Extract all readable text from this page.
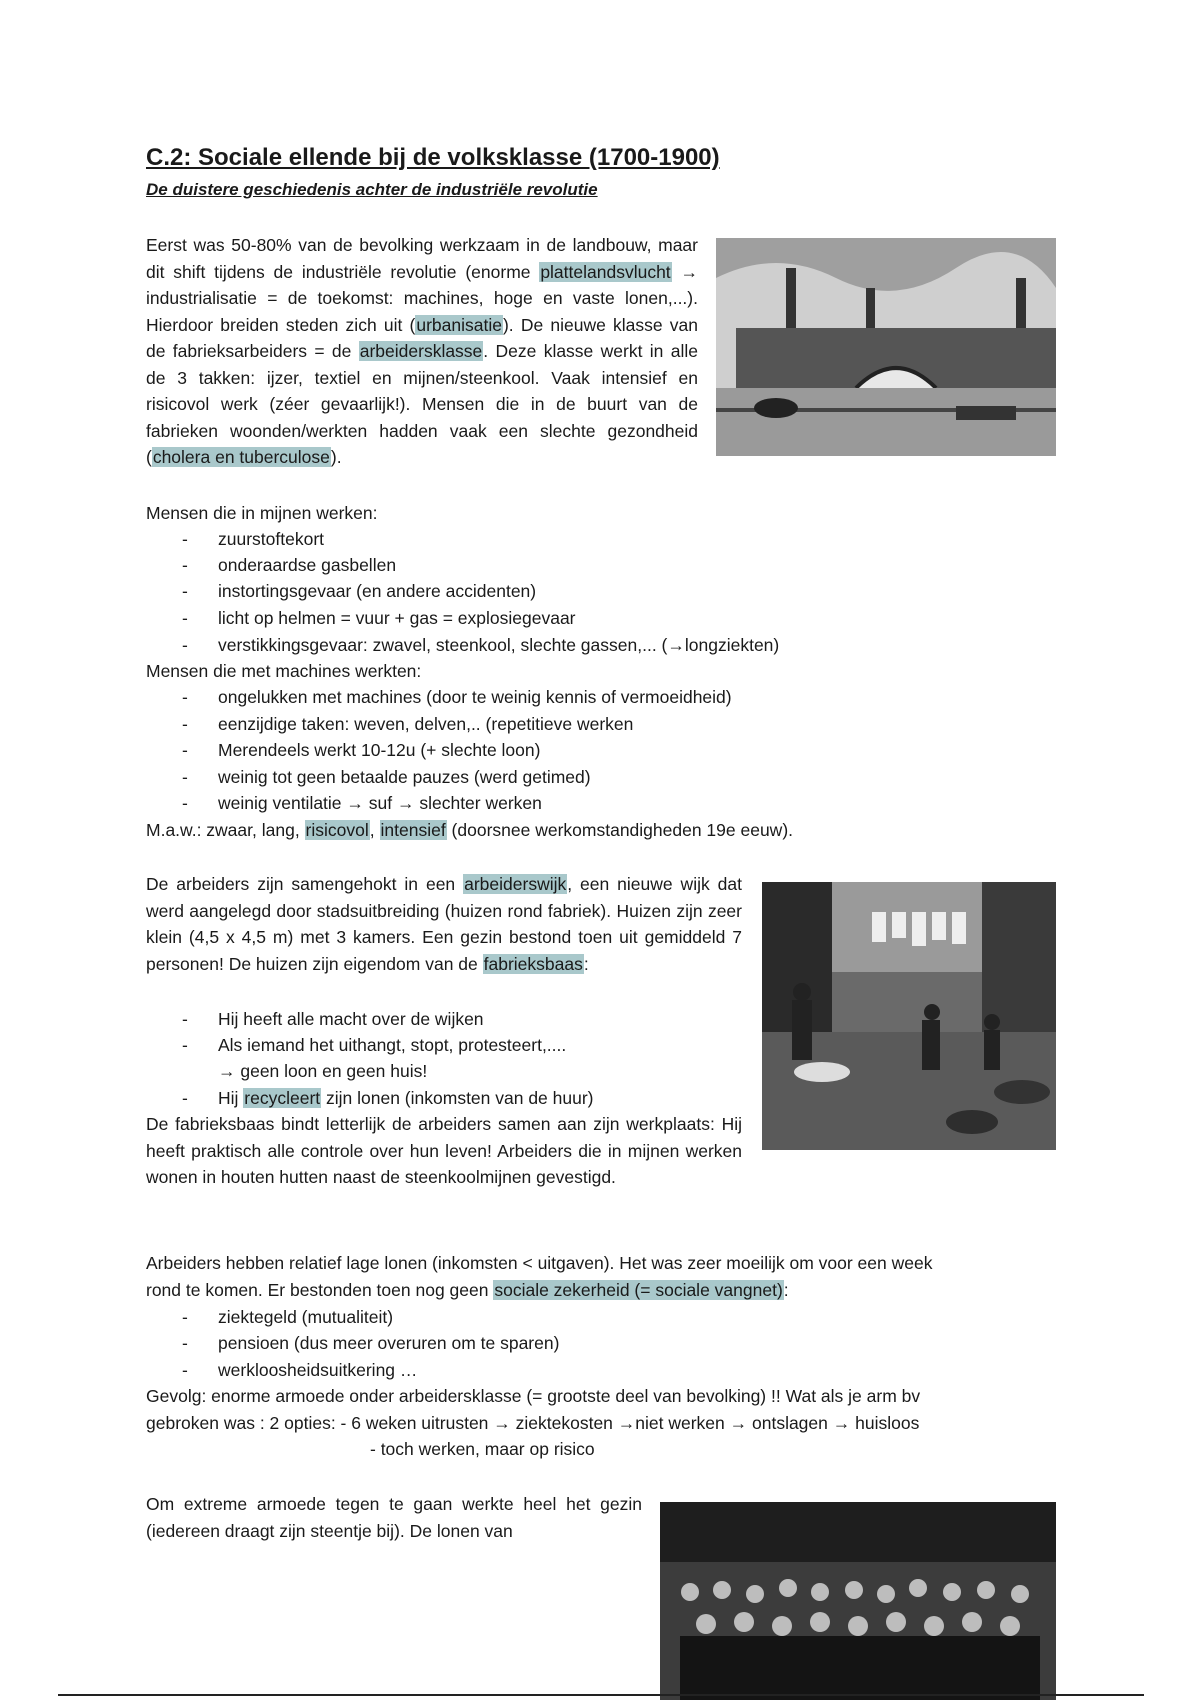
C.2: Sociale ellende bij de volksklasse (1700-1900)
De duistere geschiedenis achter de industriële revolutie

Eerst was 50-80% van de bevolking werkzaam in de landbouw, maar dit shift tijdens de industriële revolutie (enorme plattelandsvlucht → industrialisatie = de toekomst: machines, hoge en vaste lonen,...). Hierdoor breiden steden zich uit (urbanisatie). De nieuwe klasse van de fabrieksarbeiders = de arbeidersklasse. Deze klasse werkt in alle de 3 takken: ijzer, textiel en mijnen/steenkool. Vaak intensief en risicovol werk (zéer gevaarlijk!). Mensen die in de buurt van de fabrieken woonden/werkten hadden vaak een slechte gezondheid (cholera en tuberculose).

Mensen die in mijnen werken:
- zuurstoftekort
- onderaardse gasbellen
- instortingsgevaar (en andere accidenten)
- licht op helmen = vuur + gas = explosiegevaar
- verstikkingsgevaar: zwavel, steenkool, slechte gassen,... (→longziekten)
Mensen die met machines werkten:
- ongelukken met machines (door te weinig kennis of vermoeidheid)
- eenzijdige taken: weven, delven,.. (repetitieve werken
- Merendeels werkt 10-12u (+ slechte loon)
- weinig tot geen betaalde pauzes (werd getimed)
- weinig ventilatie → suf → slechter werken
M.a.w.: zwaar, lang, risicovol, intensief (doorsnee werkomstandigheden 19e eeuw).

De arbeiders zijn samengehokt in een arbeiderswijk, een nieuwe wijk dat werd aangelegd door stadsuitbreiding (huizen rond fabriek). Huizen zijn zeer klein (4,5 x 4,5 m) met 3 kamers. Een gezin bestond toen uit gemiddeld 7 personen! De huizen zijn eigendom van de fabrieksbaas:

- Hij heeft alle macht over de wijken
- Als iemand het uithangt, stopt, protesteert,....
→ geen loon en geen huis!
- Hij recycleert zijn lonen (inkomsten van de huur)

De fabrieksbaas bindt letterlijk de arbeiders samen aan zijn werkplaats: Hij heeft praktisch alle controle over hun leven! Arbeiders die in mijnen werken wonen in houten hutten naast de steenkoolmijnen gevestigd.

Arbeiders hebben relatief lage lonen (inkomsten < uitgaven). Het was zeer moeilijk om voor een week
rond te komen. Er bestonden toen nog geen sociale zekerheid (= sociale vangnet):
- ziektegeld (mutualiteit)
- pensioen (dus meer overuren om te sparen)
- werkloosheidsuitkering …
Gevolg: enorme armoede onder arbeidersklasse (= grootste deel van bevolking) !! Wat als je arm bv
gebroken was : 2 opties: - 6 weken uitrusten → ziektekosten →niet werken → ontslagen → huisloos
- toch werken, maar op risico

Om extreme armoede tegen te gaan werkte heel het gezin (iedereen draagt zijn steentje bij). De lonen van
